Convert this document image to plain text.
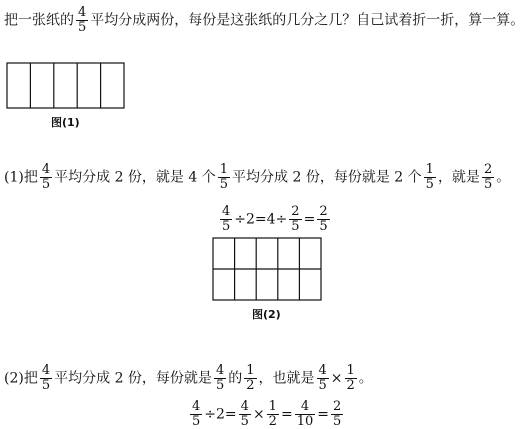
把一张纸的 $\frac{4}{5}$ 平均分成两份，每份是这张纸的几分之几？自己试着折一折，算一算。
图(1)
(1)把 $\frac{4}{5}$ 平均分成 2 份，就是 4 个 $\frac{1}{5}$ 平均分成 2 份，每份就是 2 个 $\frac{1}{5}$ ，就是 $\frac{2}{5}$ 。
$\frac{4}{5} \div 2=4\div \frac{2}{5} = \frac{2}{5}$
图(2)
(2)把 $\frac{4}{5}$ 平均分成 2 份，每份就是 $\frac{4}{5}$ 的 $\frac{1}{2}$ ，也就是 $\frac{4}{5} \times \frac{1}{2}$ 。
$\frac{4}{5} \div 2= \frac{4}{5} \times \frac{1}{2} = \frac{4}{10} = \frac{2}{5}$
